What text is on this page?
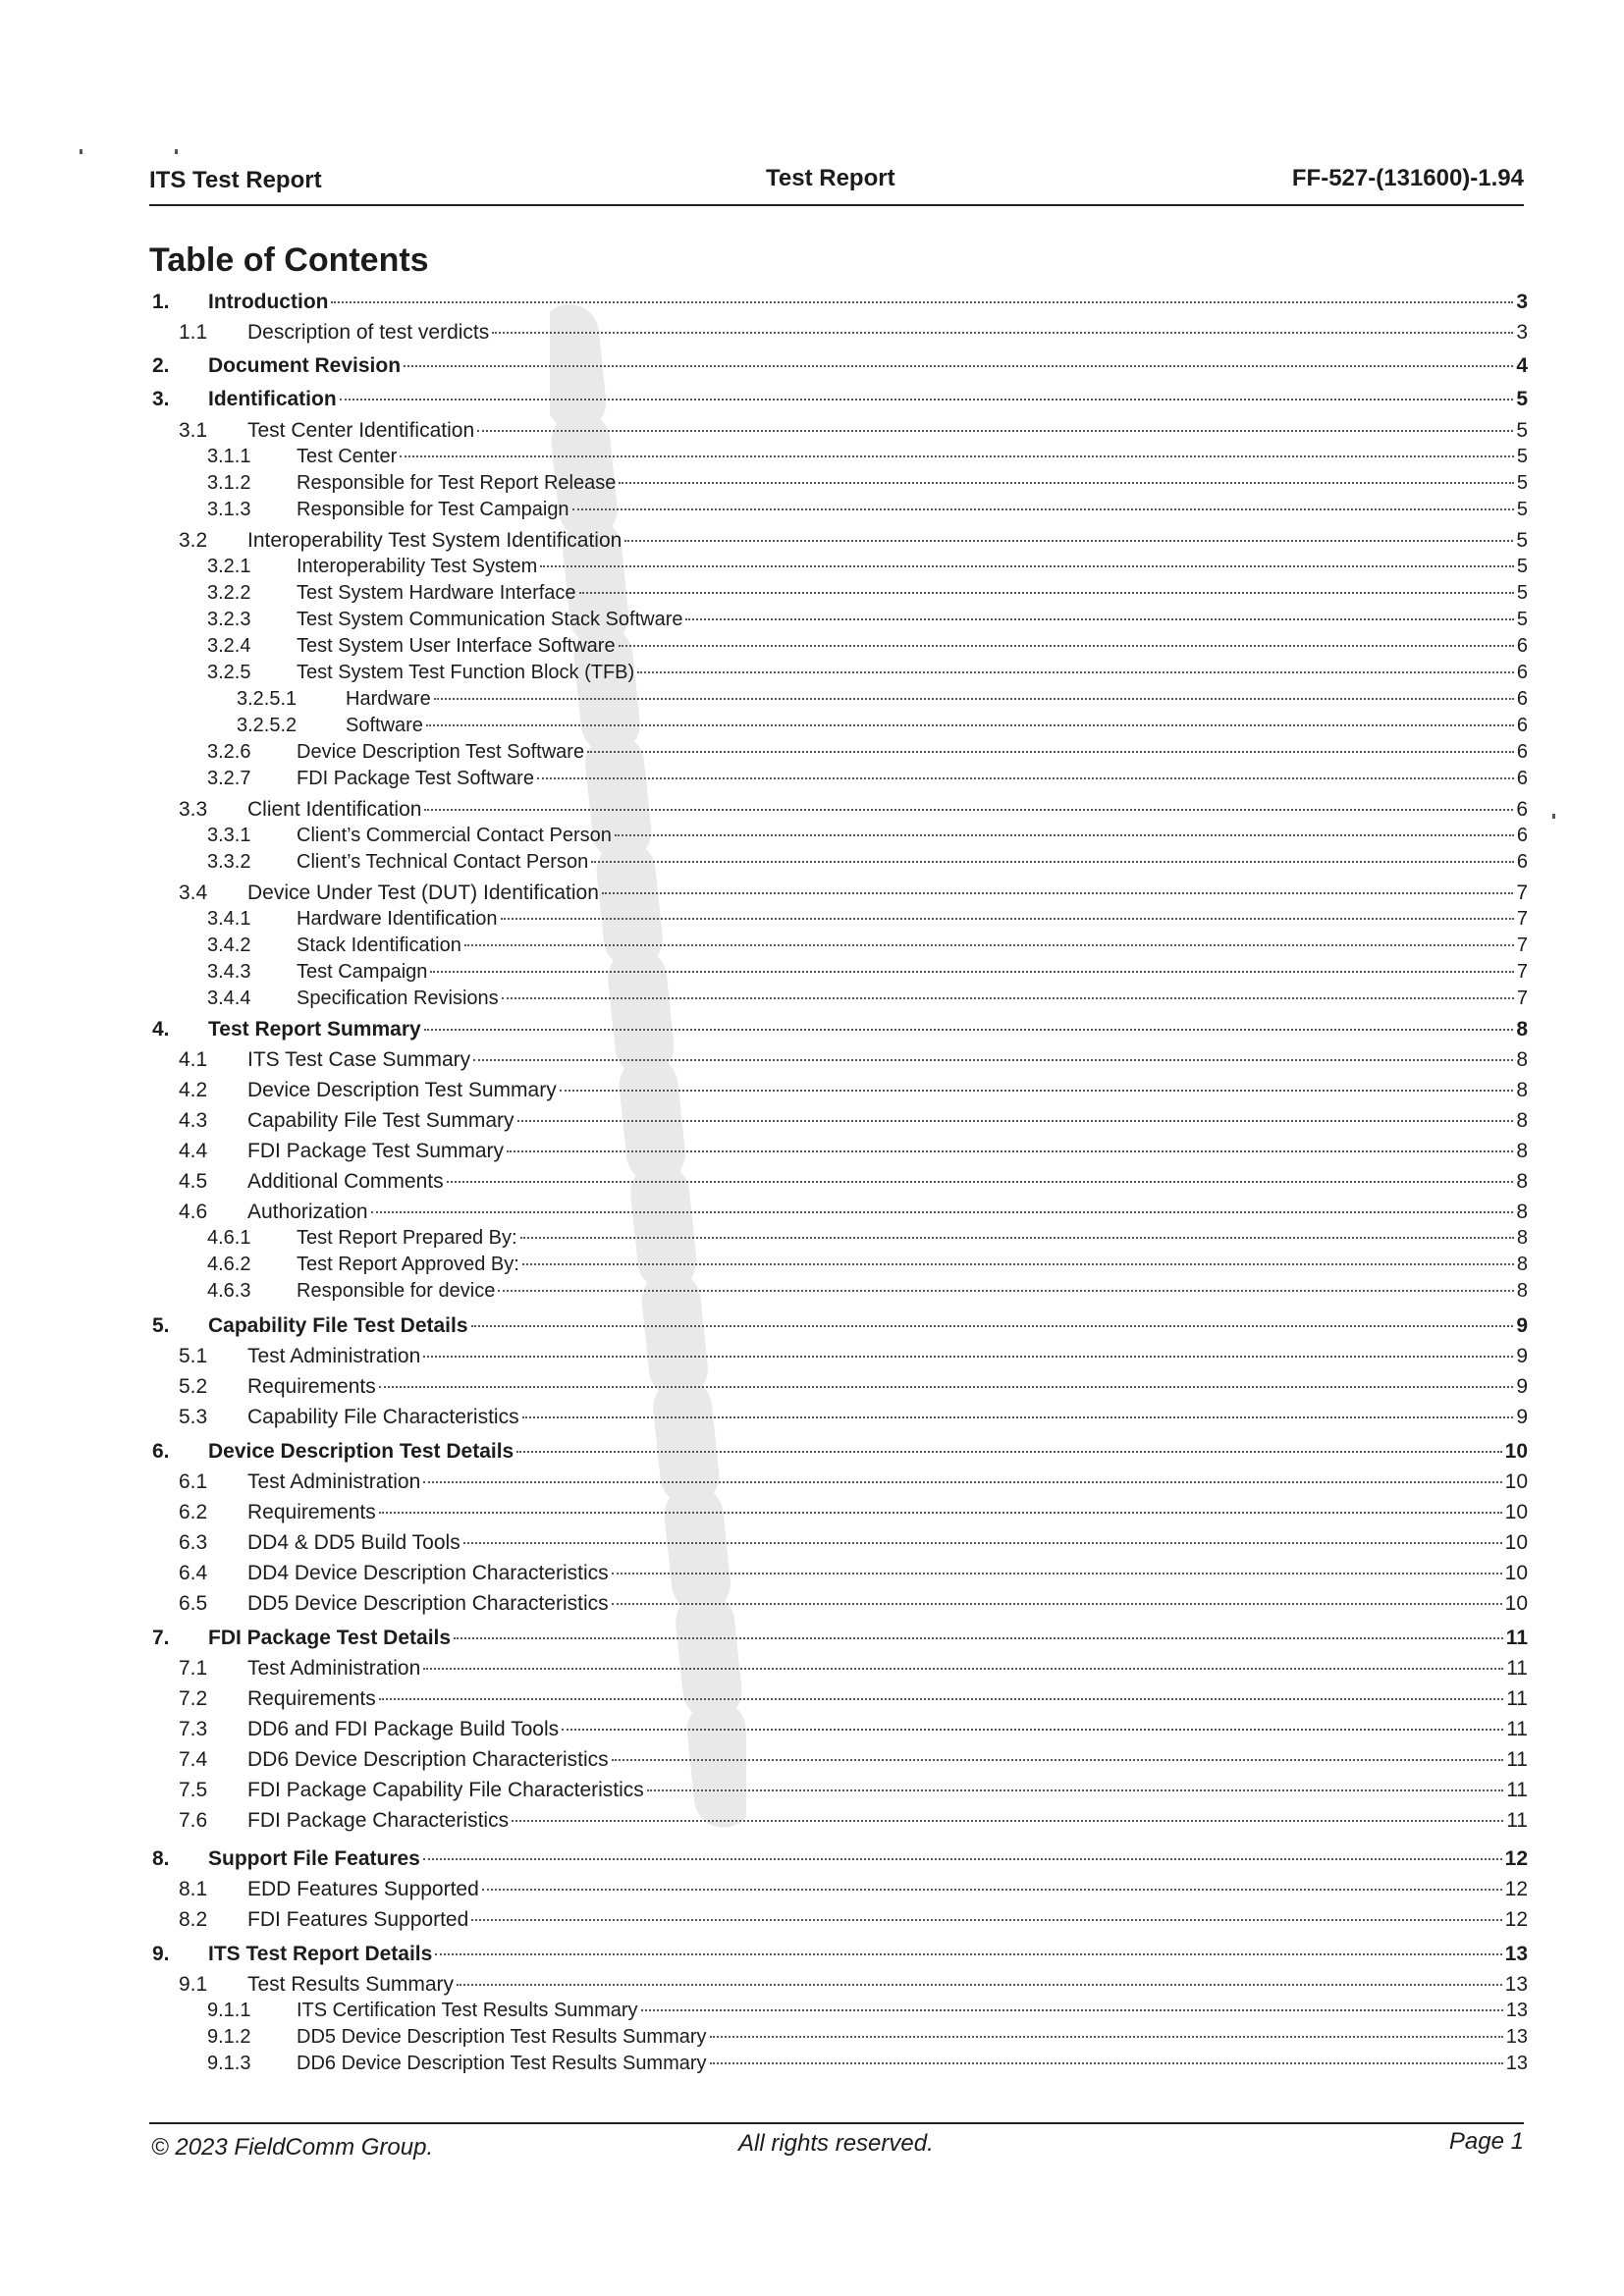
ITS Test Report	Test Report	FF-527-(131600)-1.94
Table of Contents
1.	Introduction	3
1.1	Description of test verdicts	3
2.	Document Revision	4
3.	Identification	5
3.1	Test Center Identification	5
3.1.1	Test Center	5
3.1.2	Responsible for Test Report Release	5
3.1.3	Responsible for Test Campaign	5
3.2	Interoperability Test System Identification	5
3.2.1	Interoperability Test System	5
3.2.2	Test System Hardware Interface	5
3.2.3	Test System Communication Stack Software	5
3.2.4	Test System User Interface Software	6
3.2.5	Test System Test Function Block (TFB)	6
3.2.5.1	Hardware	6
3.2.5.2	Software	6
3.2.6	Device Description Test Software	6
3.2.7	FDI Package Test Software	6
3.3	Client Identification	6
3.3.1	Client’s Commercial Contact Person	6
3.3.2	Client’s Technical Contact Person	6
3.4	Device Under Test (DUT) Identification	7
3.4.1	Hardware Identification	7
3.4.2	Stack Identification	7
3.4.3	Test Campaign	7
3.4.4	Specification Revisions	7
4.	Test Report Summary	8
4.1	ITS Test Case Summary	8
4.2	Device Description Test Summary	8
4.3	Capability File Test Summary	8
4.4	FDI Package Test Summary	8
4.5	Additional Comments	8
4.6	Authorization	8
4.6.1	Test Report Prepared By:	8
4.6.2	Test Report Approved By:	8
4.6.3	Responsible for device	8
5.	Capability File Test Details	9
5.1	Test Administration	9
5.2	Requirements	9
5.3	Capability File Characteristics	9
6.	Device Description Test Details	10
6.1	Test Administration	10
6.2	Requirements	10
6.3	DD4 & DD5 Build Tools	10
6.4	DD4 Device Description Characteristics	10
6.5	DD5 Device Description Characteristics	10
7.	FDI Package Test Details	11
7.1	Test Administration	11
7.2	Requirements	11
7.3	DD6 and FDI Package Build Tools	11
7.4	DD6 Device Description Characteristics	11
7.5	FDI Package Capability File Characteristics	11
7.6	FDI Package Characteristics	11
8.	Support File Features	12
8.1	EDD Features Supported	12
8.2	FDI Features Supported	12
9.	ITS Test Report Details	13
9.1	Test Results Summary	13
9.1.1	ITS Certification Test Results Summary	13
9.1.2	DD5 Device Description Test Results Summary	13
9.1.3	DD6 Device Description Test Results Summary	13
© 2023 FieldComm Group.	All rights reserved.	Page 1
